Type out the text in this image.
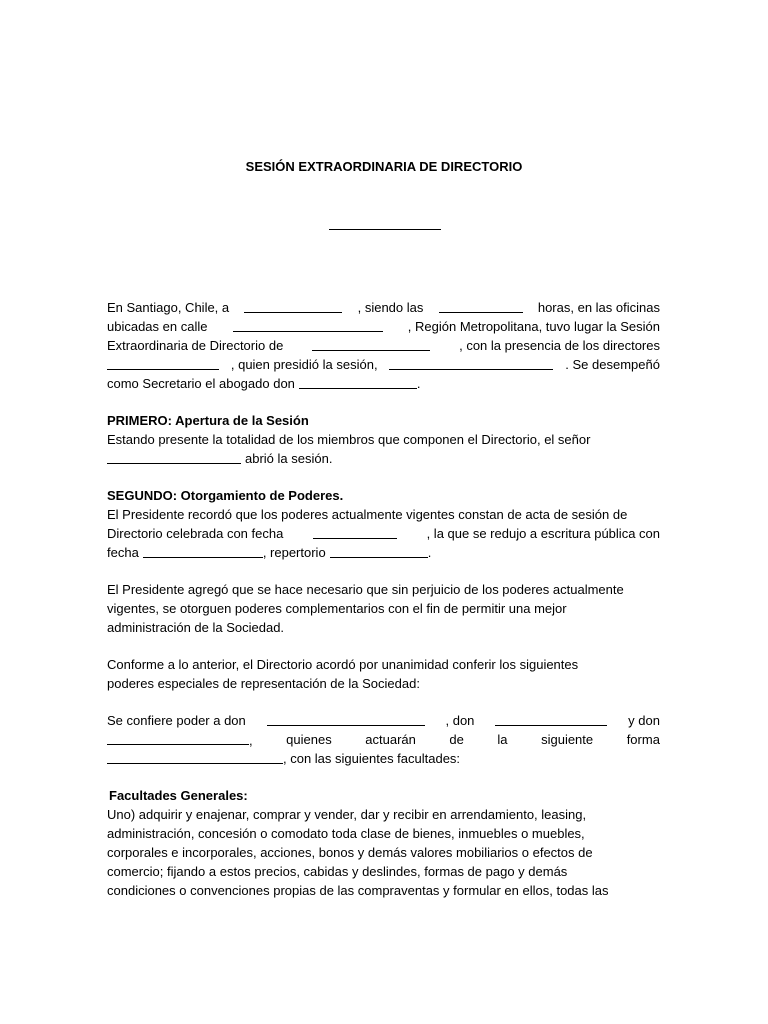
SESIÓN EXTRAORDINARIA DE DIRECTORIO
En Santiago, Chile, a	, siendo las	horas, en las oficinas
ubicadas en calle	, Región Metropolitana, tuvo lugar la Sesión
Extraordinaria de Directorio de	, con la presencia de los directores
, quien presidió la sesión,	. Se desempeñó
como Secretario el abogado don	.
PRIMERO: Apertura de la Sesión
Estando presente la totalidad de los miembros que componen el Directorio, el señor
abrió la sesión.
SEGUNDO: Otorgamiento de Poderes.
El Presidente recordó que los poderes actualmente vigentes constan de acta de sesión de
Directorio celebrada con fecha	, la que se redujo a escritura pública con
fecha	, repertorio	.
El Presidente agregó que se hace necesario que sin perjuicio de los poderes actualmente
vigentes, se otorguen poderes complementarios con el fin de permitir una mejor
administración de la Sociedad.
Conforme a lo anterior, el Directorio acordó por unanimidad conferir los siguientes
poderes especiales de representación de la Sociedad:
Se confiere poder a don	, don	y don
,	quienes	actuarán	de	la	siguiente	forma
, con las siguientes facultades:
Facultades Generales:
Uno) adquirir y enajenar, comprar y vender, dar y recibir en arrendamiento, leasing,
administración, concesión o comodato toda clase de bienes, inmuebles o muebles,
corporales e incorporales, acciones, bonos y demás valores mobiliarios o efectos de
comercio; fijando a estos precios, cabidas y deslindes, formas de pago y demás
condiciones o convenciones propias de las compraventas y formular en ellos, todas las
